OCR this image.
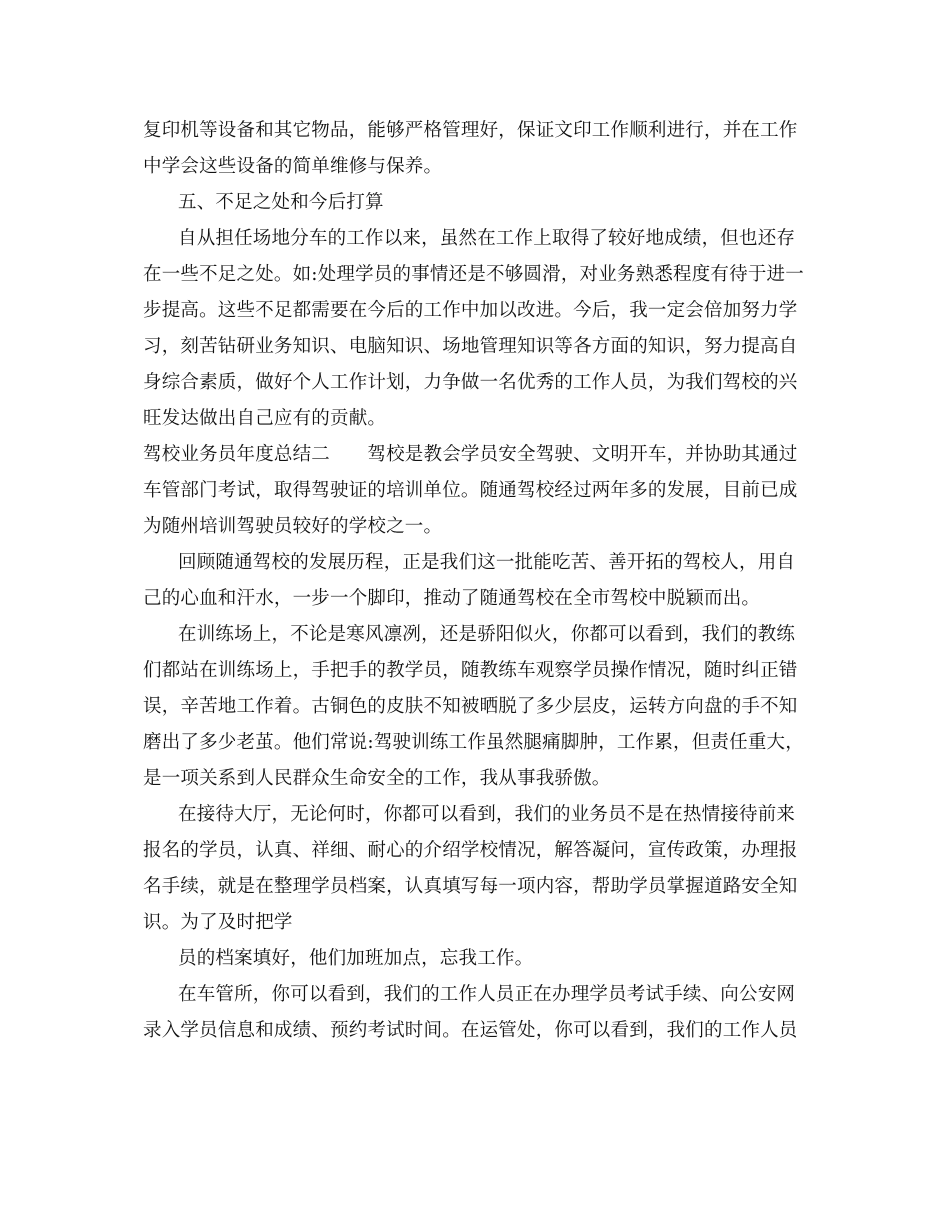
复印机等设备和其它物品，能够严格管理好，保证文印工作顺利进行，并在工作
中学会这些设备的简单维修与保养。
五、不足之处和今后打算
自从担任场地分车的工作以来，虽然在工作上取得了较好地成绩，但也还存
在一些不足之处。如:处理学员的事情还是不够圆滑，对业务熟悉程度有待于进一
步提高。这些不足都需要在今后的工作中加以改进。今后，我一定会倍加努力学
习，刻苦钻研业务知识、电脑知识、场地管理知识等各方面的知识，努力提高自
身综合素质，做好个人工作计划，力争做一名优秀的工作人员，为我们驾校的兴
旺发达做出自己应有的贡献。
驾校业务员年度总结二　　驾校是教会学员安全驾驶、文明开车，并协助其通过
车管部门考试，取得驾驶证的培训单位。随通驾校经过两年多的发展，目前已成
为随州培训驾驶员较好的学校之一。
回顾随通驾校的发展历程，正是我们这一批能吃苦、善开拓的驾校人，用自
己的心血和汗水，一步一个脚印，推动了随通驾校在全市驾校中脱颖而出。
在训练场上，不论是寒风凛冽，还是骄阳似火，你都可以看到，我们的教练
们都站在训练场上，手把手的教学员，随教练车观察学员操作情况，随时纠正错
误，辛苦地工作着。古铜色的皮肤不知被晒脱了多少层皮，运转方向盘的手不知
磨出了多少老茧。他们常说:驾驶训练工作虽然腿痛脚肿，工作累，但责任重大，
是一项关系到人民群众生命安全的工作，我从事我骄傲。
在接待大厅，无论何时，你都可以看到，我们的业务员不是在热情接待前来
报名的学员，认真、祥细、耐心的介绍学校情况，解答凝问，宣传政策，办理报
名手续，就是在整理学员档案，认真填写每一项内容，帮助学员掌握道路安全知
识。为了及时把学
员的档案填好，他们加班加点，忘我工作。
在车管所，你可以看到，我们的工作人员正在办理学员考试手续、向公安网
录入学员信息和成绩、预约考试时间。在运管处，你可以看到，我们的工作人员
